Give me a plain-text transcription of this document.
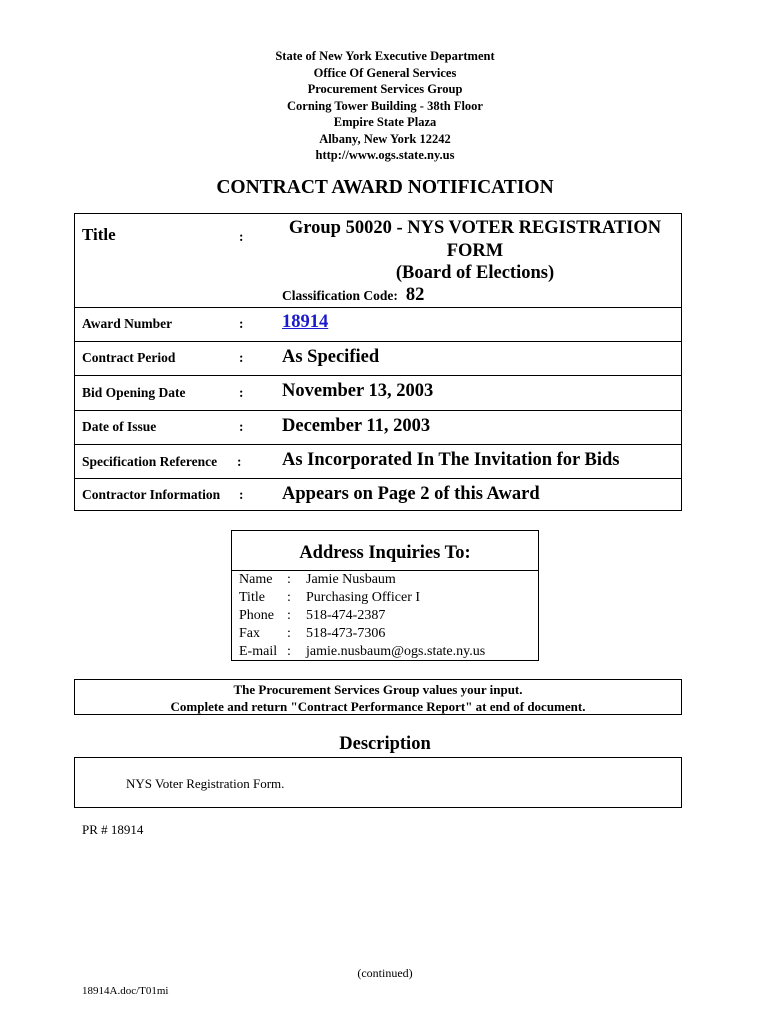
State of New York Executive Department
Office Of General Services
Procurement Services Group
Corning Tower Building - 38th Floor
Empire State Plaza
Albany, New York 12242
http://www.ogs.state.ny.us
CONTRACT AWARD NOTIFICATION
Title	:	Group 50020 - NYS VOTER REGISTRATION
FORM
(Board of Elections)
Classification Code: 82
Award Number	: 18914
Contract Period	: As Specified
Bid Opening Date	: November 13, 2003
Date of Issue	: December 11, 2003
Specification Reference : As Incorporated In The Invitation for Bids
Contractor Information : Appears on Page 2 of this Award
Address Inquiries To:
Name	:	Jamie Nusbaum
Title	:	Purchasing Officer I
Phone	:	518-474-2387
Fax	:	518-473-7306
E-mail	:	jamie.nusbaum@ogs.state.ny.us
The Procurement Services Group values your input.
Complete and return "Contract Performance Report" at end of document.
Description
NYS Voter Registration Form.
PR # 18914
(continued)
18914A.doc/T01mi
